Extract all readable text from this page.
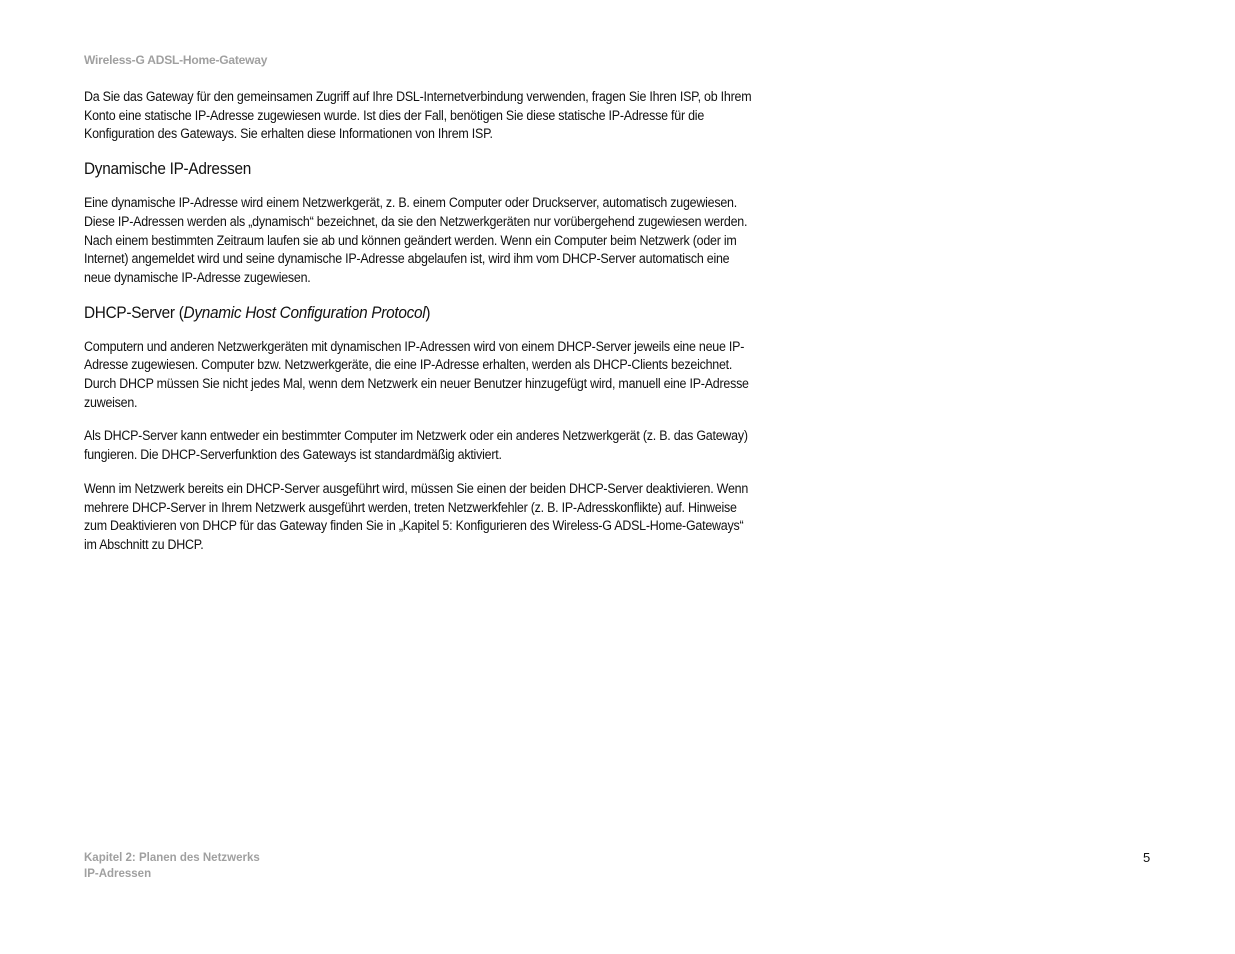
Wireless-G ADSL-Home-Gateway

Da Sie das Gateway für den gemeinsamen Zugriff auf Ihre DSL-Internetverbindung verwenden, fragen Sie Ihren ISP, ob Ihrem Konto eine statische IP-Adresse zugewiesen wurde. Ist dies der Fall, benötigen Sie diese statische IP-Adresse für die Konfiguration des Gateways. Sie erhalten diese Informationen von Ihrem ISP.

Dynamische IP-Adressen

Eine dynamische IP-Adresse wird einem Netzwerkgerät, z. B. einem Computer oder Druckserver, automatisch zugewiesen. Diese IP-Adressen werden als „dynamisch“ bezeichnet, da sie den Netzwerkgeräten nur vorübergehend zugewiesen werden. Nach einem bestimmten Zeitraum laufen sie ab und können geändert werden. Wenn ein Computer beim Netzwerk (oder im Internet) angemeldet wird und seine dynamische IP-Adresse abgelaufen ist, wird ihm vom DHCP-Server automatisch eine neue dynamische IP-Adresse zugewiesen.

DHCP-Server (Dynamic Host Configuration Protocol)

Computern und anderen Netzwerkgeräten mit dynamischen IP-Adressen wird von einem DHCP-Server jeweils eine neue IP-Adresse zugewiesen. Computer bzw. Netzwerkgeräte, die eine IP-Adresse erhalten, werden als DHCP-Clients bezeichnet. Durch DHCP müssen Sie nicht jedes Mal, wenn dem Netzwerk ein neuer Benutzer hinzugefügt wird, manuell eine IP-Adresse zuweisen.

Als DHCP-Server kann entweder ein bestimmter Computer im Netzwerk oder ein anderes Netzwerkgerät (z. B. das Gateway) fungieren. Die DHCP-Serverfunktion des Gateways ist standardmäßig aktiviert.

Wenn im Netzwerk bereits ein DHCP-Server ausgeführt wird, müssen Sie einen der beiden DHCP-Server deaktivieren. Wenn mehrere DHCP-Server in Ihrem Netzwerk ausgeführt werden, treten Netzwerkfehler (z. B. IP-Adresskonflikte) auf. Hinweise zum Deaktivieren von DHCP für das Gateway finden Sie in „Kapitel 5: Konfigurieren des Wireless-G ADSL-Home-Gateways“ im Abschnitt zu DHCP.

Kapitel 2: Planen des Netzwerks
IP-Adressen
5
